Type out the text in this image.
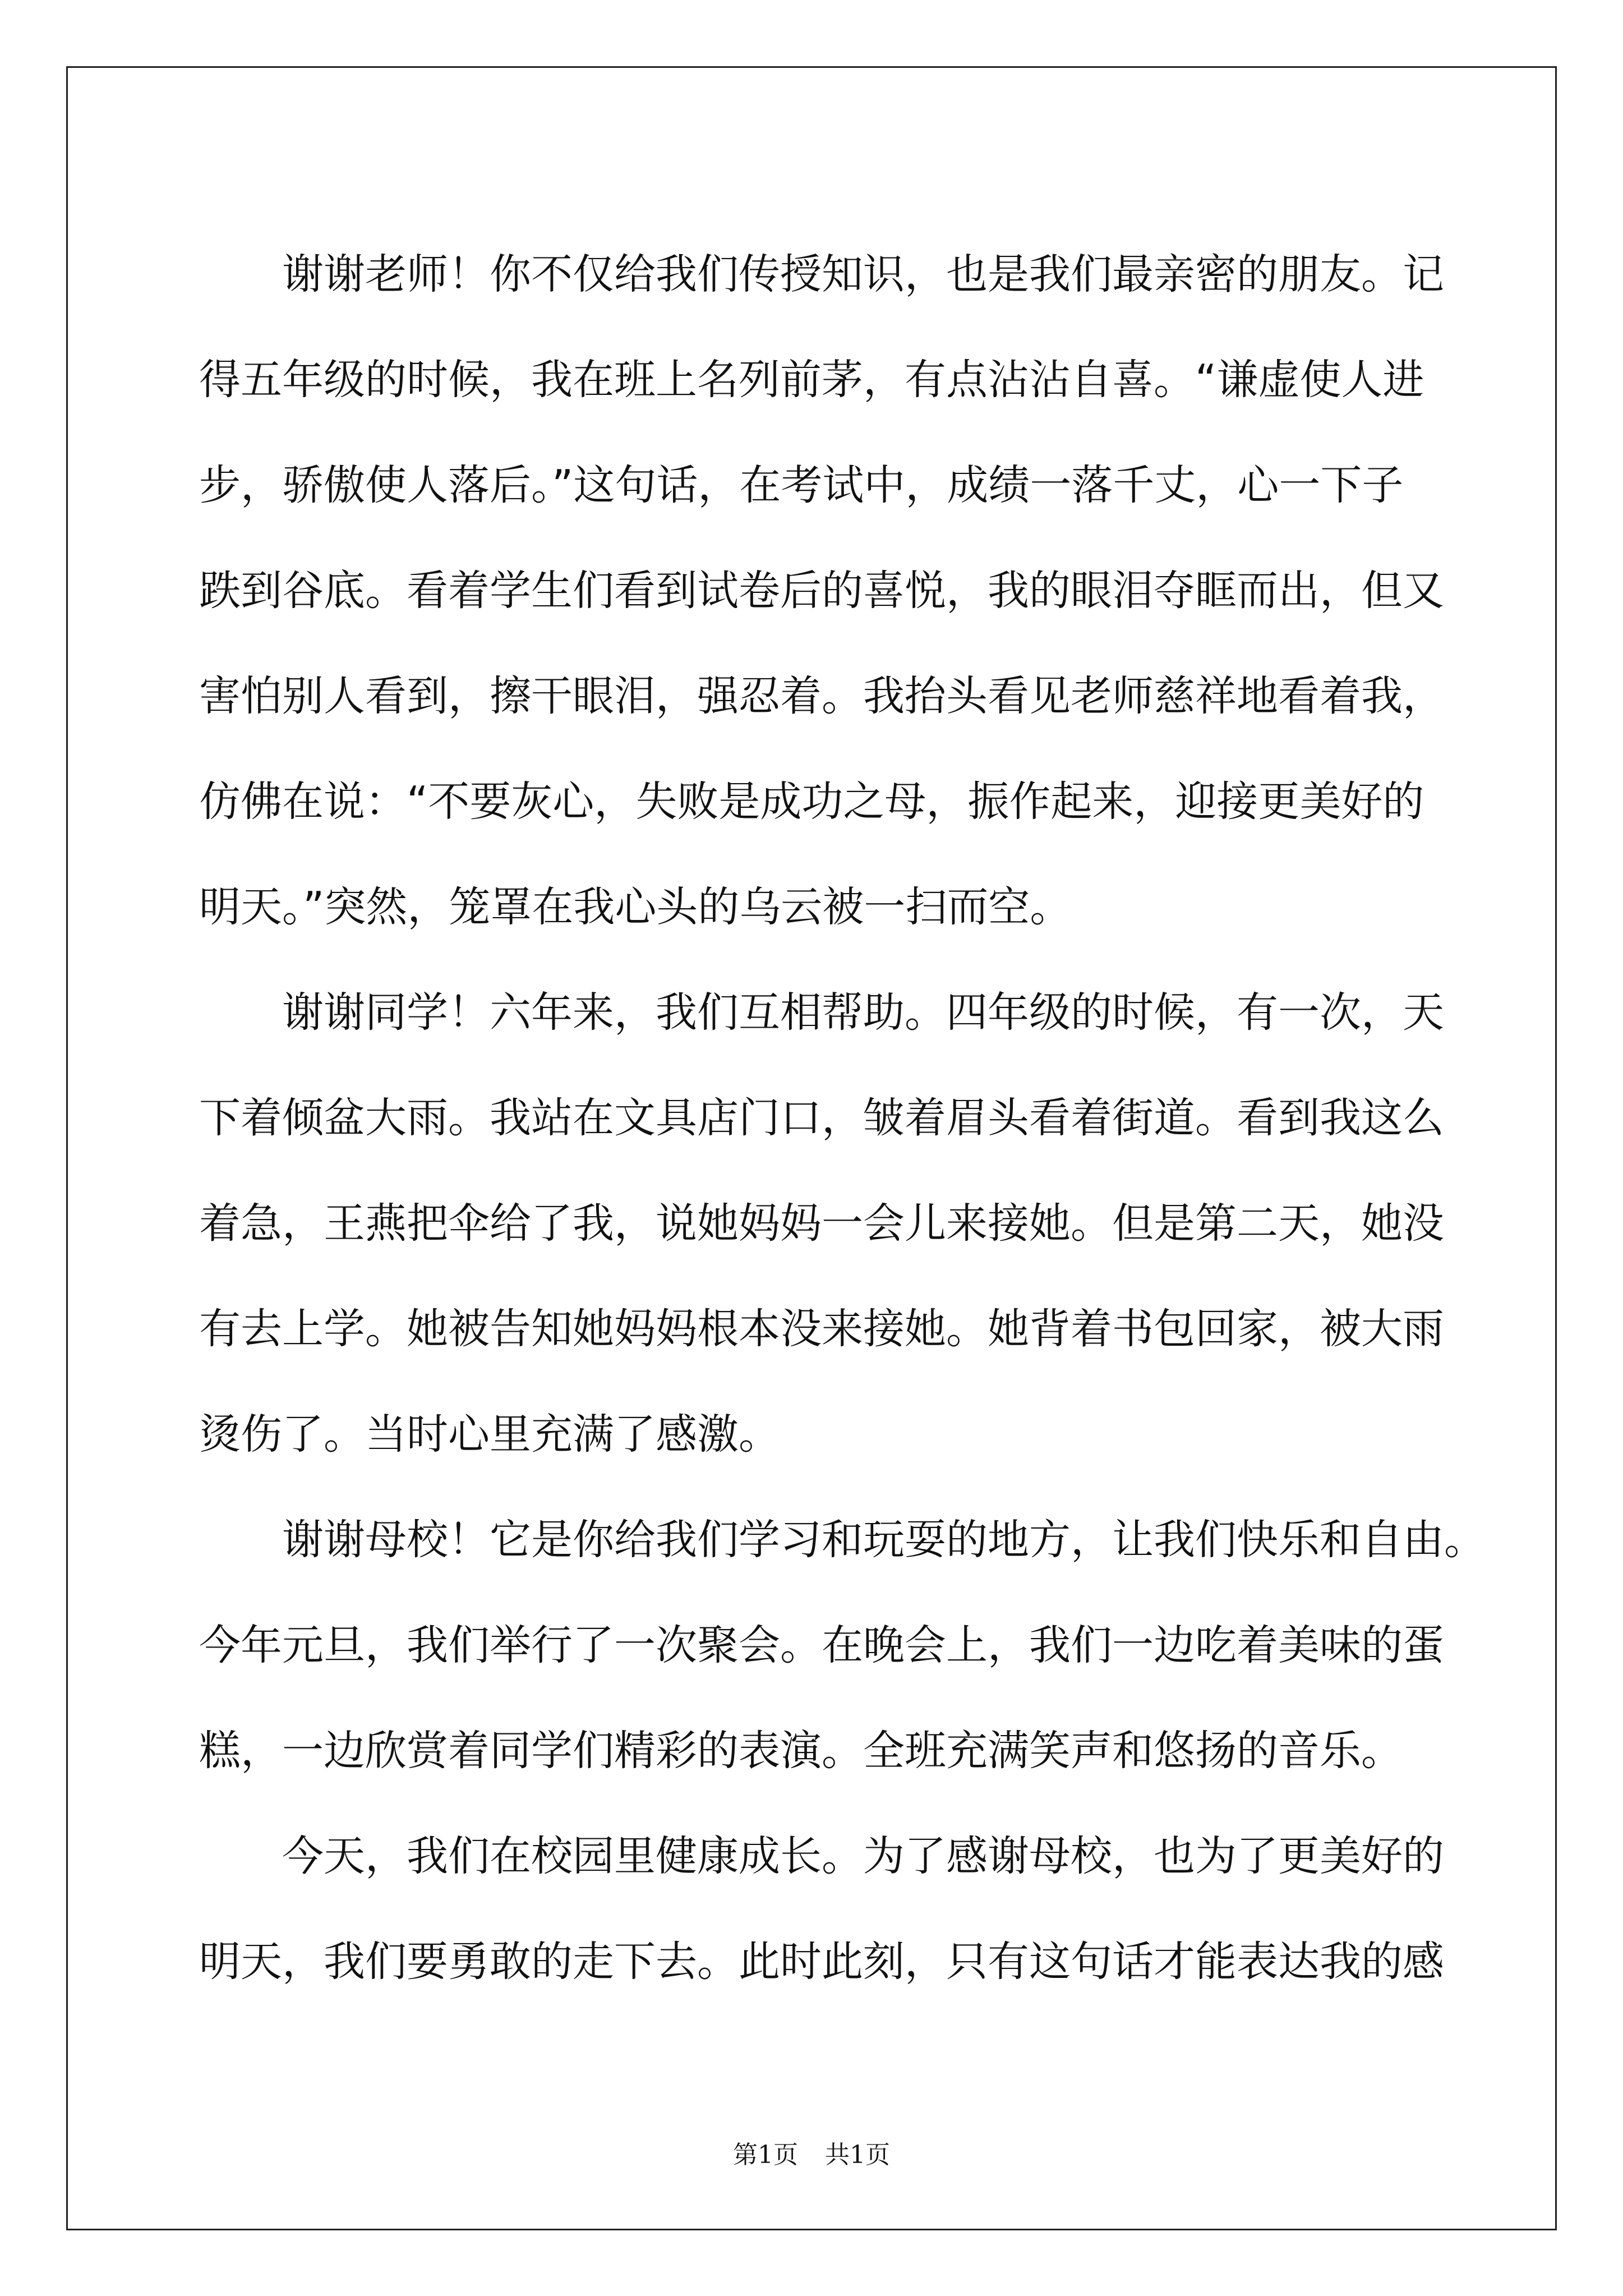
谢谢老师！你不仅给我们传授知识，也是我们最亲密的朋友。记
得五年级的时候，我在班上名列前茅，有点沾沾自喜。“谦虚使人进
步，骄傲使人落后。”这句话，在考试中，成绩一落千丈，心一下子
跌到谷底。看着学生们看到试卷后的喜悦，我的眼泪夺眶而出，但又
害怕别人看到，擦干眼泪，强忍着。我抬头看见老师慈祥地看着我，
仿佛在说：“不要灰心，失败是成功之母，振作起来，迎接更美好的
明天。”突然，笼罩在我心头的乌云被一扫而空。
谢谢同学！六年来，我们互相帮助。四年级的时候，有一次，天
下着倾盆大雨。我站在文具店门口，皱着眉头看着街道。看到我这么
着急，王燕把伞给了我，说她妈妈一会儿来接她。但是第二天，她没
有去上学。她被告知她妈妈根本没来接她。她背着书包回家，被大雨
烫伤了。当时心里充满了感激。
谢谢母校！它是你给我们学习和玩耍的地方，让我们快乐和自由。
今年元旦，我们举行了一次聚会。在晚会上，我们一边吃着美味的蛋
糕，一边欣赏着同学们精彩的表演。全班充满笑声和悠扬的音乐。
今天，我们在校园里健康成长。为了感谢母校，也为了更美好的
明天，我们要勇敢的走下去。此时此刻，只有这句话才能表达我的感
第1页 共1页
